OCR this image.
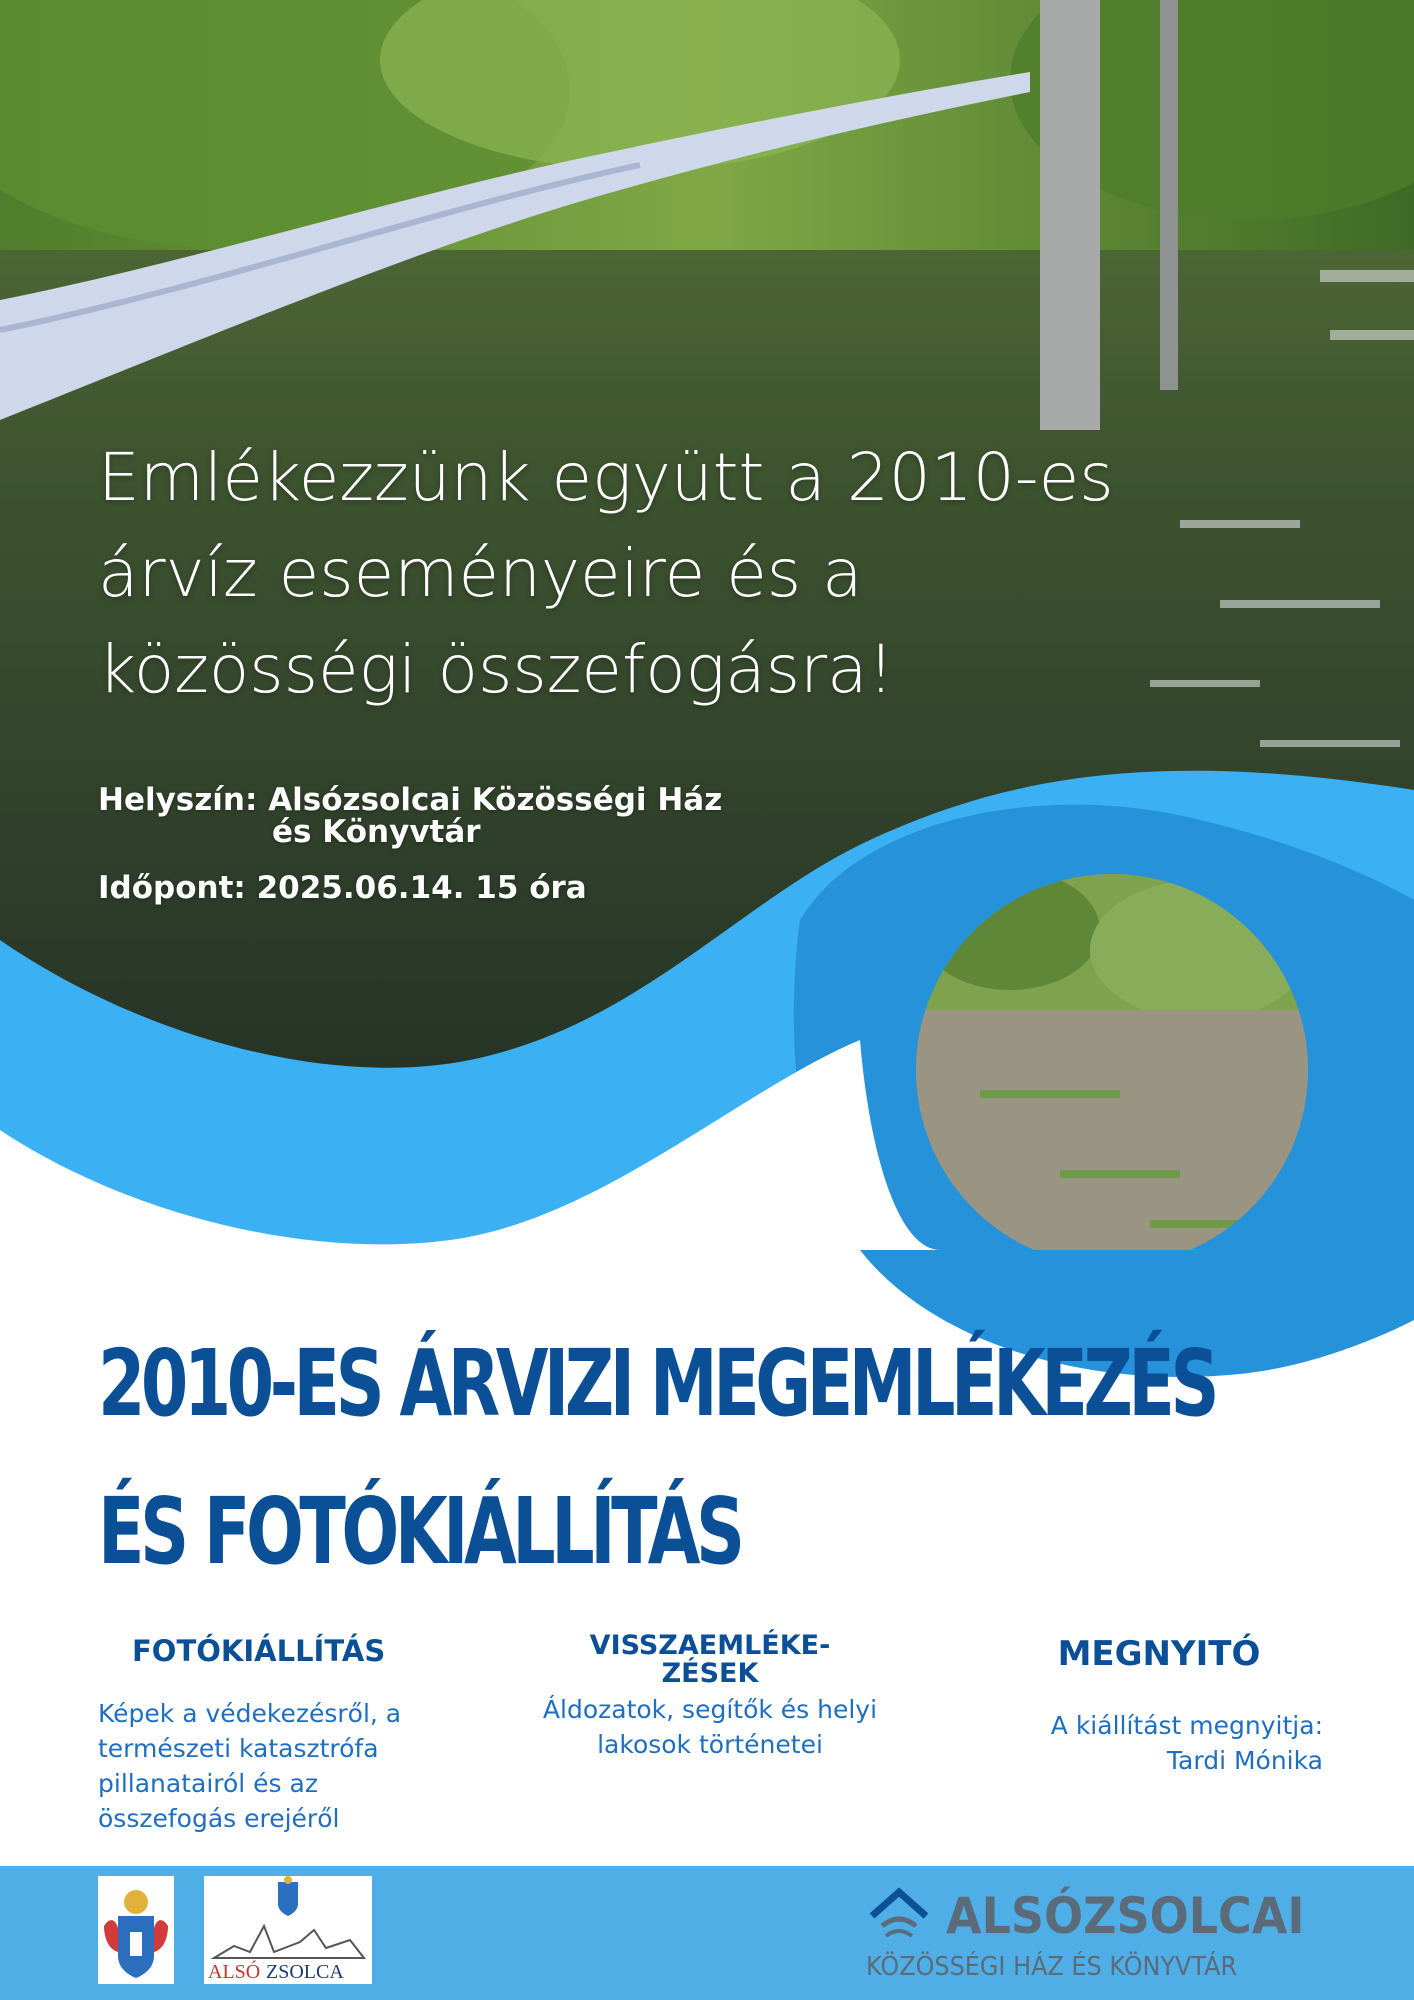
Emlékezzünk együtt a 2010-es
árvíz eseményeire és a
közösségi összefogásra!
Helyszín: Alsózsolcai Közösségi Ház
és Könyvtár
Időpont: 2025.06.14. 15 óra
2010-ES ÁRVIZI MEGEMLÉKEZÉS
ÉS FOTÓKIÁLLÍTÁS
FOTÓKIÁLLÍTÁS

Képek a védekezésről, a
természeti katasztrófa
pillanatairól és az
összefogás erejéről

VISSZAEMLÉKE-
ZÉSEK

Áldozatok, segítők és helyi
lakosok történetei

MEGNYITÓ

A kiállítást megnyitja:
Tardi Mónika

ALSÓ ZSOLCA
ALSÓZSOLCAI
KÖZÖSSÉGI HÁZ ÉS KÖNYVTÁR
